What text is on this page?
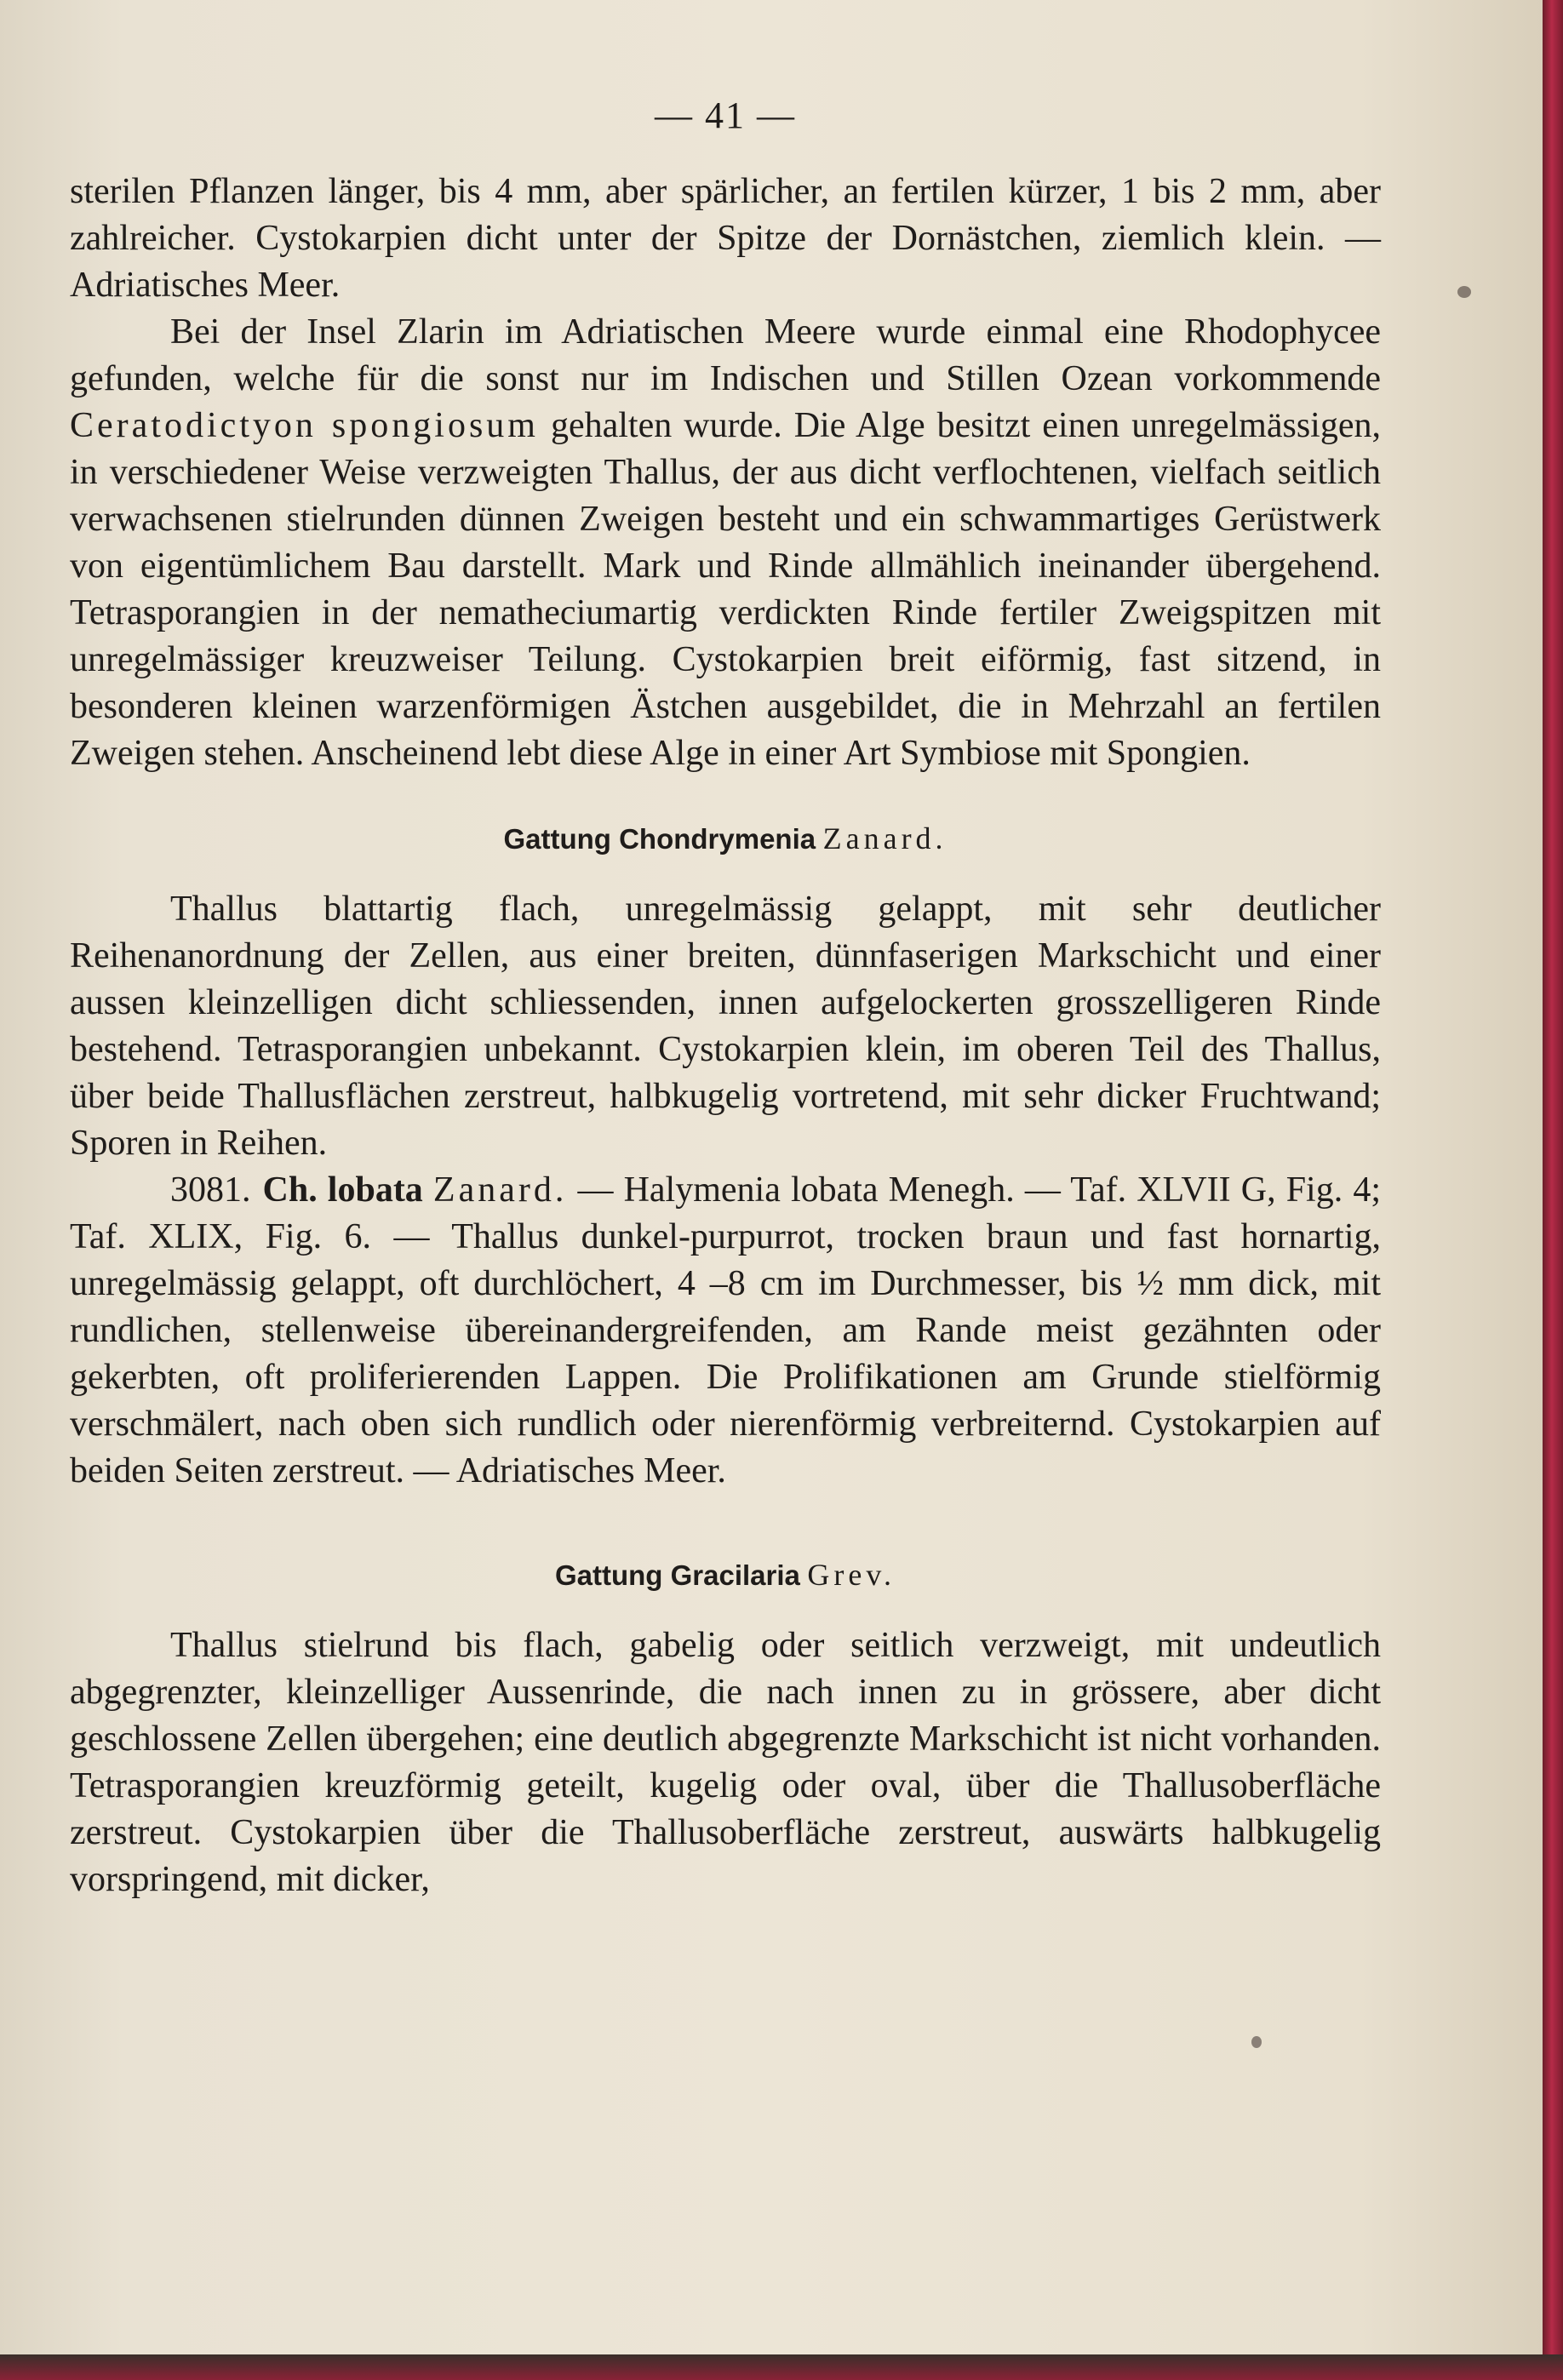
— 41 —

sterilen Pflanzen länger, bis 4 mm, aber spärlicher, an fertilen kürzer, 1 bis 2 mm, aber zahlreicher. Cystokarpien dicht unter der Spitze der Dornästchen, ziemlich klein. — Adriatisches Meer.

Bei der Insel Zlarin im Adriatischen Meere wurde einmal eine Rhodophycee gefunden, welche für die sonst nur im Indischen und Stillen Ozean vorkommende Ceratodictyon spongiosum gehalten wurde. Die Alge besitzt einen unregelmässigen, in verschiedener Weise verzweigten Thallus, der aus dicht verflochtenen, vielfach seitlich verwachsenen stielrunden dünnen Zweigen besteht und ein schwammartiges Gerüstwerk von eigentümlichem Bau darstellt. Mark und Rinde allmählich ineinander übergehend. Tetrasporangien in der nematheciumartig verdickten Rinde fertiler Zweigspitzen mit unregelmässiger kreuzweiser Teilung. Cystokarpien breit eiförmig, fast sitzend, in besonderen kleinen warzenförmigen Ästchen ausgebildet, die in Mehrzahl an fertilen Zweigen stehen. Anscheinend lebt diese Alge in einer Art Symbiose mit Spongien.

Gattung Chondrymenia Zanard.

Thallus blattartig flach, unregelmässig gelappt, mit sehr deutlicher Reihenanordnung der Zellen, aus einer breiten, dünnfaserigen Markschicht und einer aussen kleinzelligen dicht schliessenden, innen aufgelockerten grosszelligeren Rinde bestehend. Tetrasporangien unbekannt. Cystokarpien klein, im oberen Teil des Thallus, über beide Thallusflächen zerstreut, halbkugelig vortretend, mit sehr dicker Fruchtwand; Sporen in Reihen.

3081. Ch. lobata Zanard. — Halymenia lobata Menegh. — Taf. XLVII G, Fig. 4; Taf. XLIX, Fig. 6. — Thallus dunkel-purpurrot, trocken braun und fast hornartig, unregelmässig gelappt, oft durchlöchert, 4 –8 cm im Durchmesser, bis ½ mm dick, mit rundlichen, stellenweise übereinandergreifenden, am Rande meist gezähnten oder gekerbten, oft proliferierenden Lappen. Die Prolifikationen am Grunde stielförmig verschmälert, nach oben sich rundlich oder nierenförmig verbreiternd. Cystokarpien auf beiden Seiten zerstreut. — Adriatisches Meer.

Gattung Gracilaria Grev.

Thallus stielrund bis flach, gabelig oder seitlich verzweigt, mit undeutlich abgegrenzter, kleinzelliger Aussenrinde, die nach innen zu in grössere, aber dicht geschlossene Zellen übergehen; eine deutlich abgegrenzte Markschicht ist nicht vorhanden. Tetrasporangien kreuzförmig geteilt, kugelig oder oval, über die Thallusoberfläche zerstreut. Cystokarpien über die Thallusoberfläche zerstreut, auswärts halbkugelig vorspringend, mit dicker,
